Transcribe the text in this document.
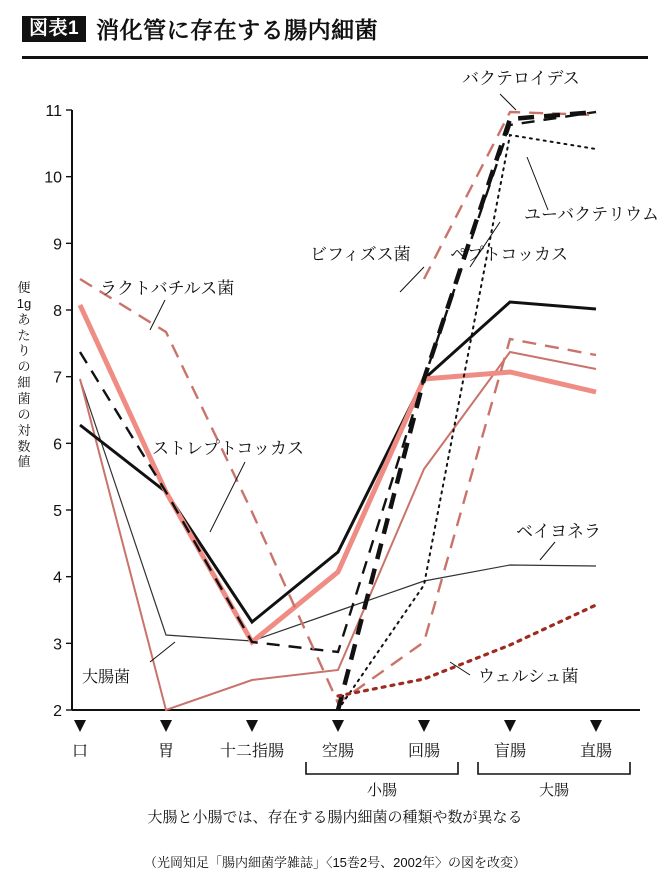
図表1 消化管に存在する腸内細菌
便1gあたりの細菌の対数値
11
10
9
8
7
6
5
4
3
2
バクテロイデス
ユーバクテリウム
ペプトコッカス
ビフィズス菌
ラクトバチルス菌
ストレプトコッカス
大腸菌
ベイヨネラ
ウェルシュ菌
口	胃	十二指腸 空腸	回腸	盲腸	直腸
小腸	大腸
大腸と小腸では、存在する腸内細菌の種類や数が異なる
（光岡知足「腸内細菌学雑誌」〈15巻2号、2002年〉の図を改変）
